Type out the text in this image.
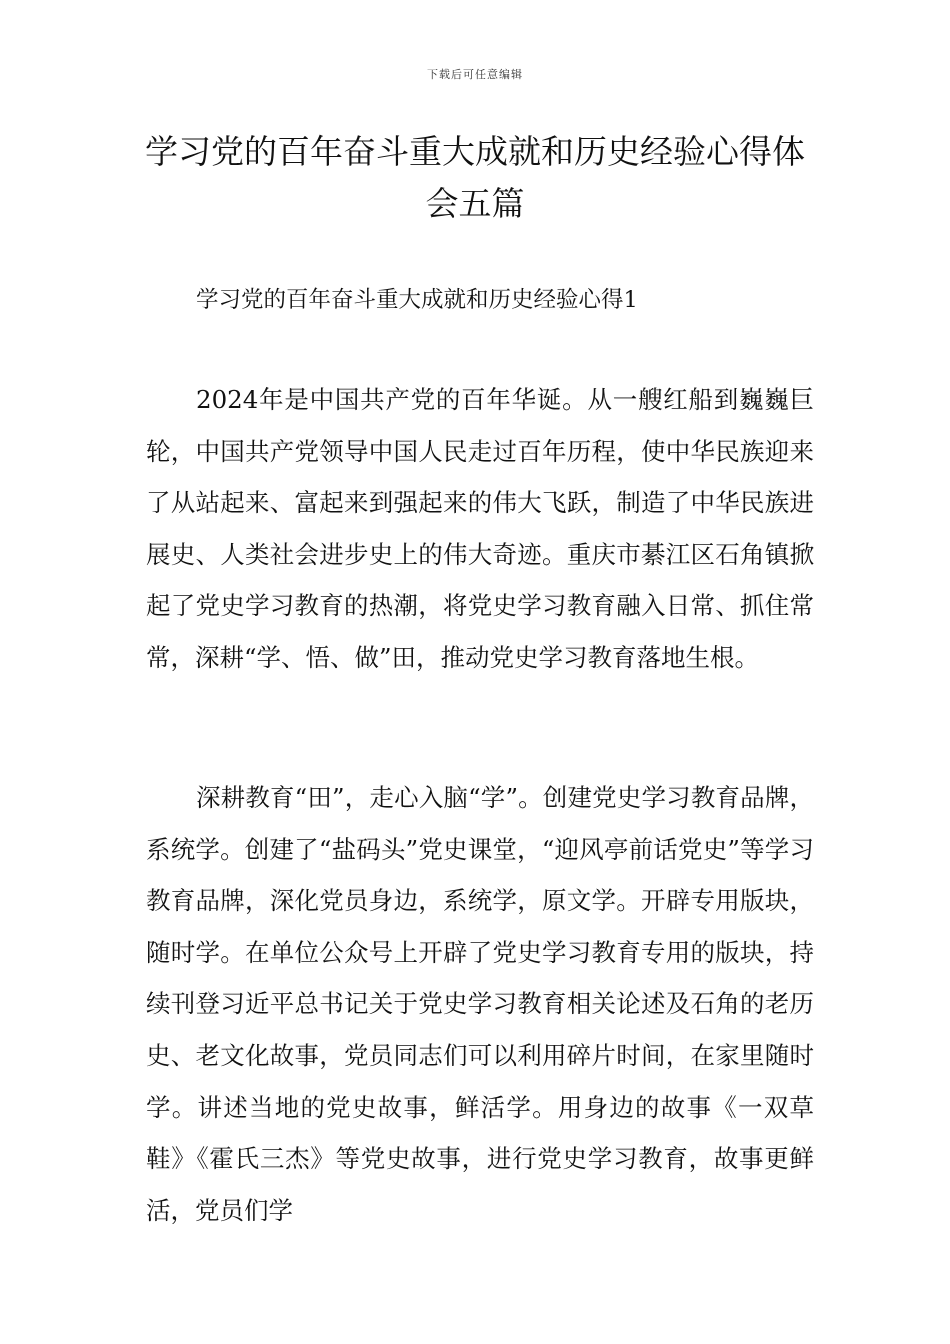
下载后可任意编辑
学习党的百年奋斗重大成就和历史经验心得体会五篇

学习党的百年奋斗重大成就和历史经验心得1

2024年是中国共产党的百年华诞。从一艘红船到巍巍巨轮，中国共产党领导中国人民走过百年历程，使中华民族迎来了从站起来、富起来到强起来的伟大飞跃，制造了中华民族进展史、人类社会进步史上的伟大奇迹。重庆市綦江区石角镇掀起了党史学习教育的热潮，将党史学习教育融入日常、抓住常常，深耕“学、悟、做”田，推动党史学习教育落地生根。

深耕教育“田”，走心入脑“学”。创建党史学习教育品牌，系统学。创建了“盐码头”党史课堂，“迎风亭前话党史”等学习教育品牌，深化党员身边，系统学，原文学。开辟专用版块，随时学。在单位公众号上开辟了党史学习教育专用的版块，持续刊登习近平总书记关于党史学习教育相关论述及石角的老历史、老文化故事，党员同志们可以利用碎片时间，在家里随时学。讲述当地的党史故事，鲜活学。用身边的故事《一双草鞋》《霍氏三杰》等党史故事，进行党史学习教育，故事更鲜活，党员们学
